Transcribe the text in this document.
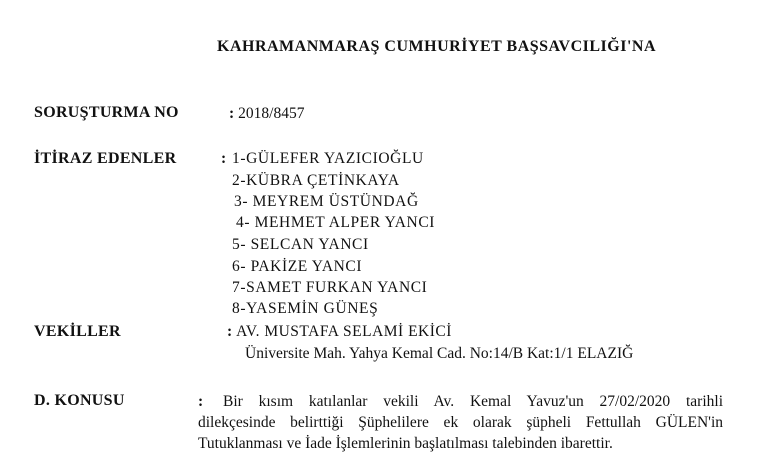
KAHRAMANMARAŞ CUMHURİYET BAŞSAVCILIĞI'NA
SORUŞTURMA NO	: 2018/8457
İTİRAZ EDENLER	: 1-GÜLEFER YAZICIOĞLU
2-KÜBRA ÇETİNKAYA
3- MEYREM ÜSTÜNDAĞ
4- MEHMET ALPER YANCI
5- SELCAN YANCI
6- PAKİZE YANCI
7-SAMET FURKAN YANCI
8-YASEMİN GÜNEŞ
VEKİLLER	: AV. MUSTAFA SELAMİ EKİCİ
Üniversite Mah. Yahya Kemal Cad. No:14/B Kat:1/1 ELAZIĞ
D. KONUSU	: Bir kısım katılanlar vekili Av. Kemal Yavuz'un 27/02/2020 tarihli
dilekçesinde belirttiği Şüphelilere ek olarak şüpheli Fettullah GÜLEN'in
Tutuklanması ve İade İşlemlerinin başlatılması talebinden ibarettir.
